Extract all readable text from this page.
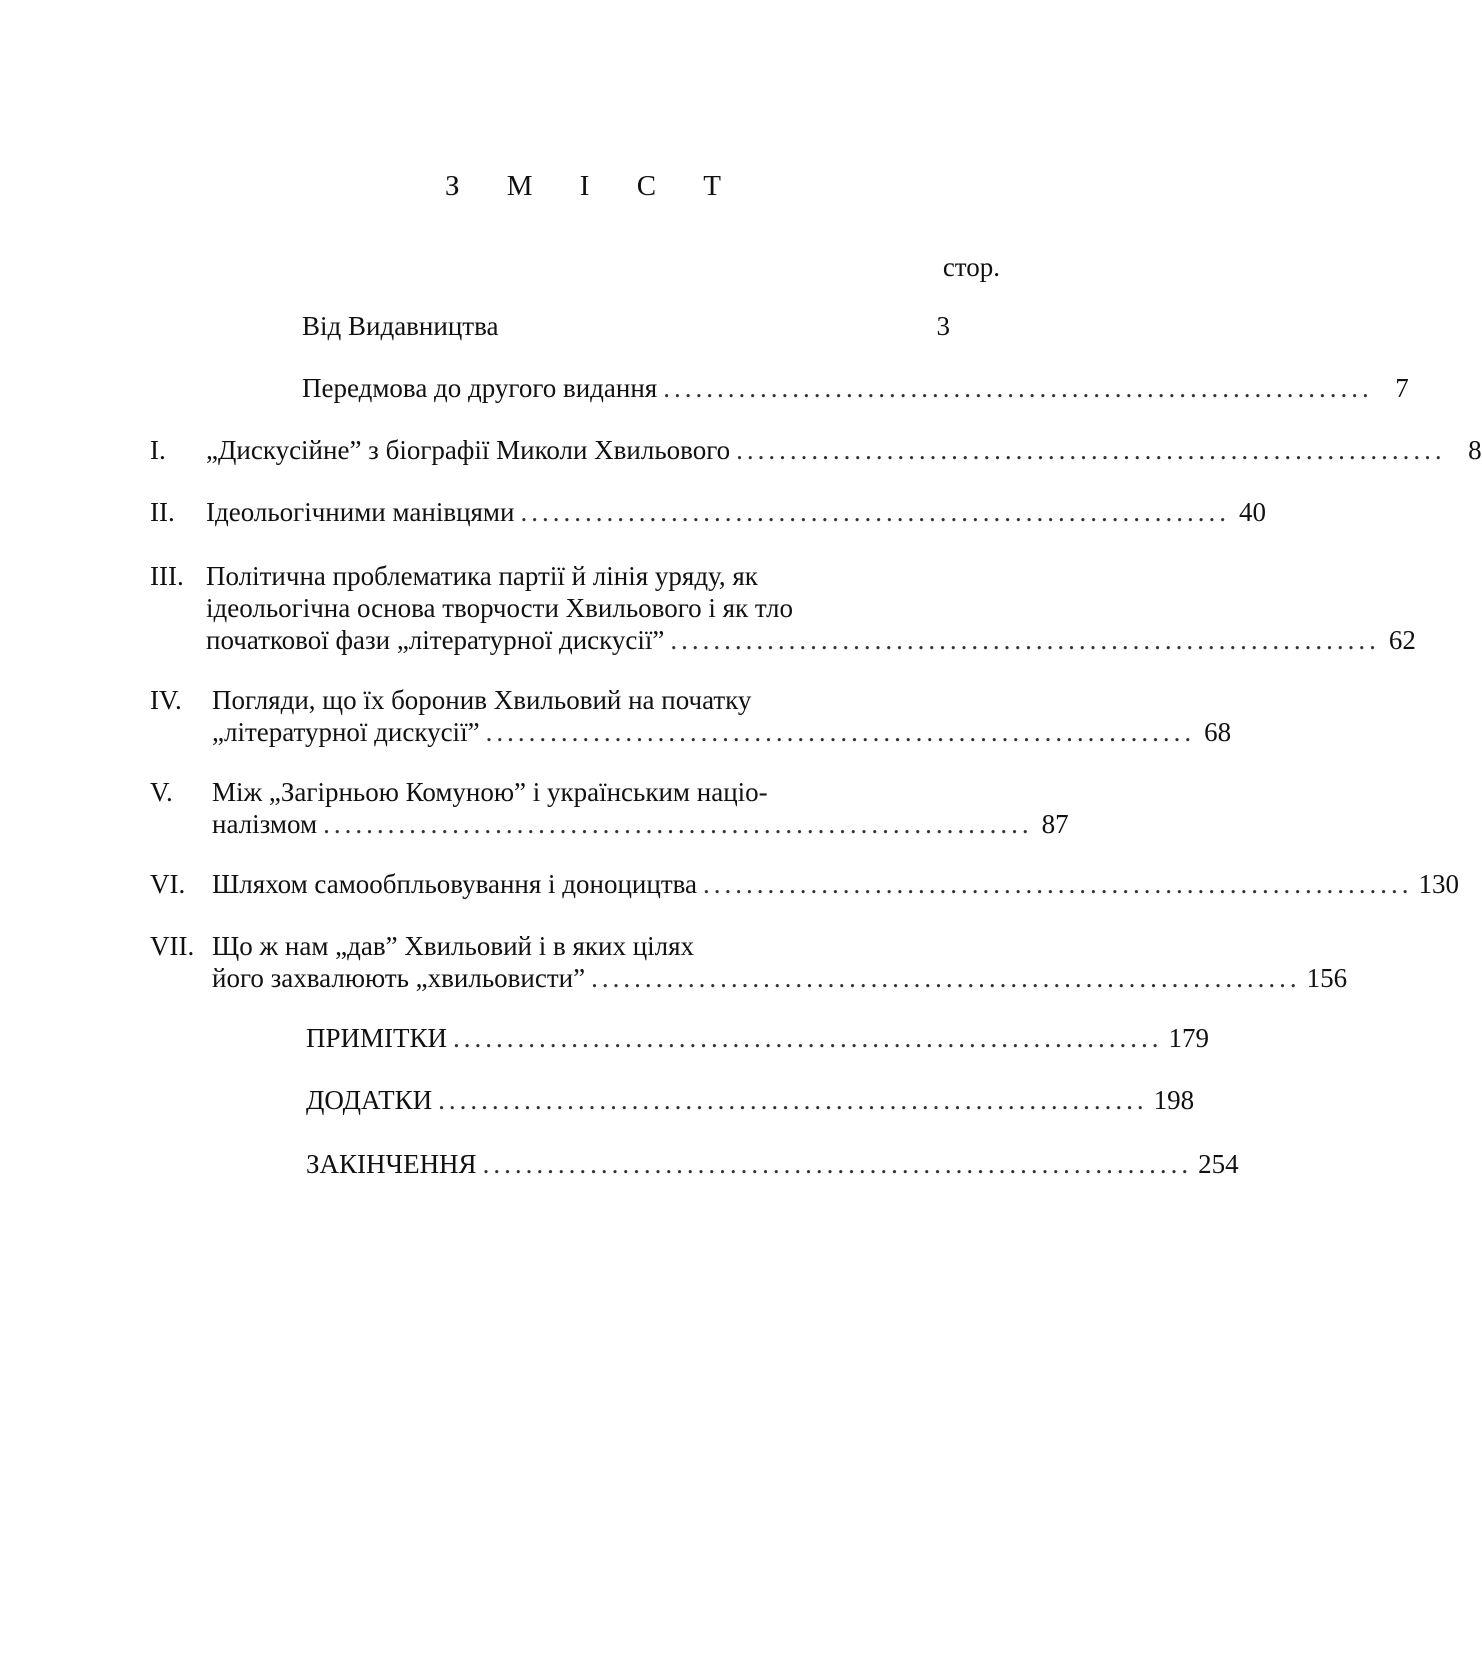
З М І С Т
стор.
Від Видавництва	3
Передмова до другого видання .................................................................. 7
I. „Дискусійне” з біографії Миколи Хвильового .................................................................. 8
II. Ідеольогічними манівцями .................................................................. 40
III. Політична проблематика партії й лінія уряду, як
ідеольогічна основа творчости Хвильового і як тло
початкової фази „літературної дискусії” .................................................................. 62
IV. Погляди, що їх боронив Хвильовий на початку
„літературної дискусії” .................................................................. 68
V. Між „Загірньою Комуною” і українським націо-
налізмом .................................................................. 87
VI. Шляхом самообпльовування і доноцицтва .................................................................. 130
VII. Що ж нам „дав” Хвильовий і в яких цілях
його захвалюють „хвильовисти” .................................................................. 156
ПРИМІТКИ .................................................................. 179
ДОДАТКИ .................................................................. 198
ЗАКІНЧЕННЯ .................................................................. 254
